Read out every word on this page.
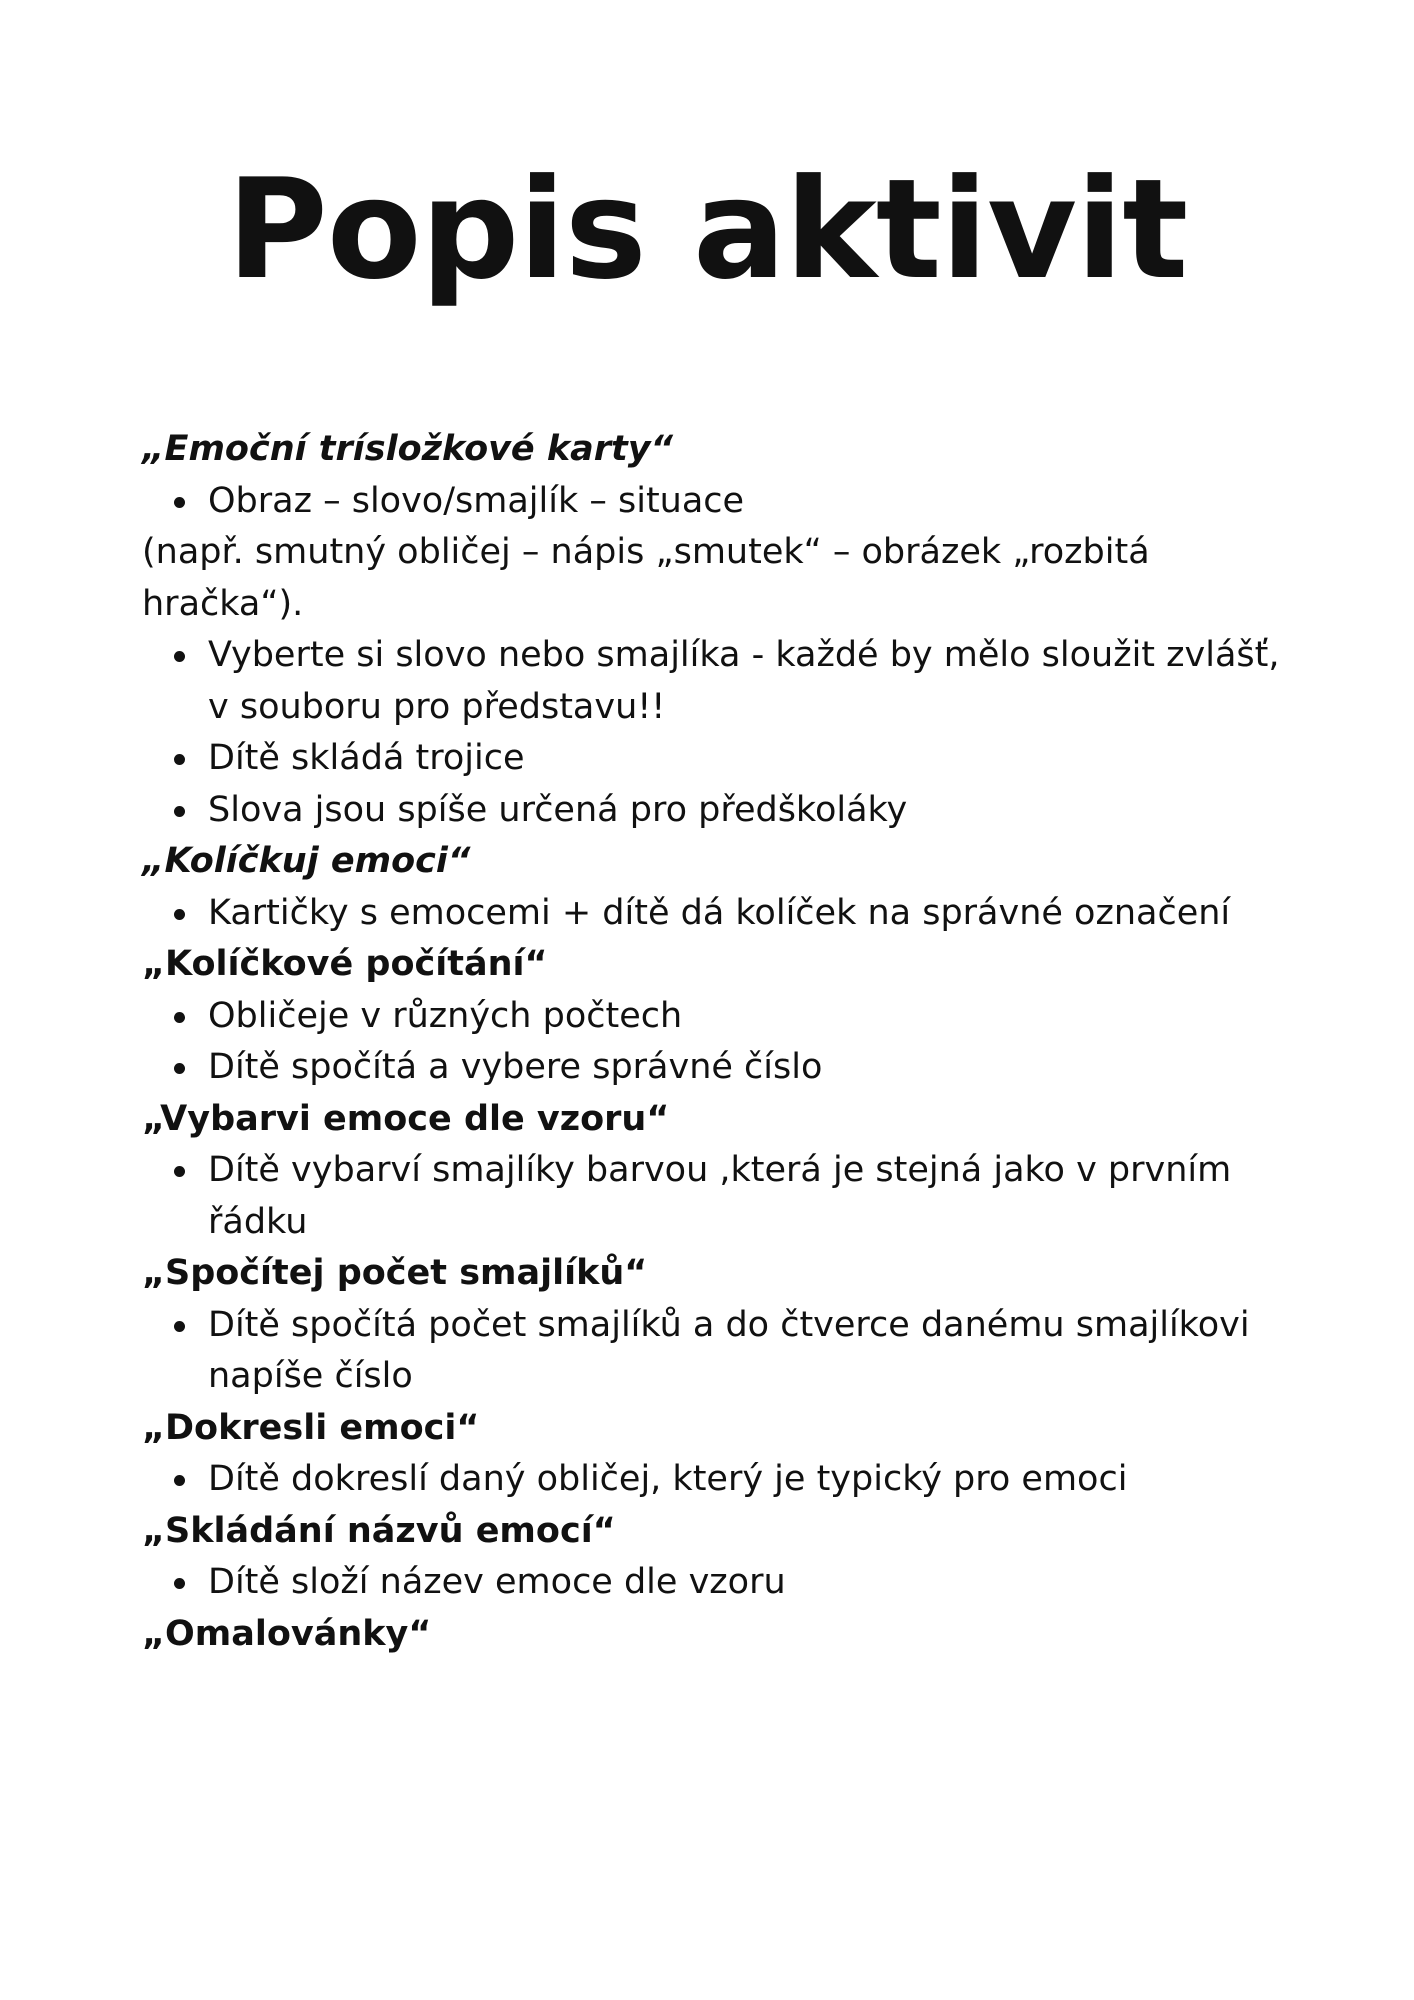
Popis aktivit

„Emoční trísložkové karty“

Obraz – slovo/smajlík – situace

(např. smutný obličej – nápis „smutek“ – obrázek „rozbitá hračka“).

Vyberte si slovo nebo smajlíka - každé by mělo sloužit zvlášť, v souboru pro představu!!
Dítě skládá trojice
Slova jsou spíše určená pro předškoláky

„Kolíčkuj emoci“

Kartičky s emocemi + dítě dá kolíček na správné označení

„Kolíčkové počítání“

Obličeje v různých počtech
Dítě spočítá a vybere správné číslo

„Vybarvi emoce dle vzoru“

Dítě vybarví smajlíky barvou ,která je stejná jako v prvním řádku

„Spočítej počet smajlíků“

Dítě spočítá počet smajlíků a do čtverce danému smajlíkovi napíše číslo

„Dokresli emoci“

Dítě dokreslí daný obličej, který je typický pro emoci

„Skládání názvů emocí“

Dítě složí název emoce dle vzoru

„Omalovánky“
